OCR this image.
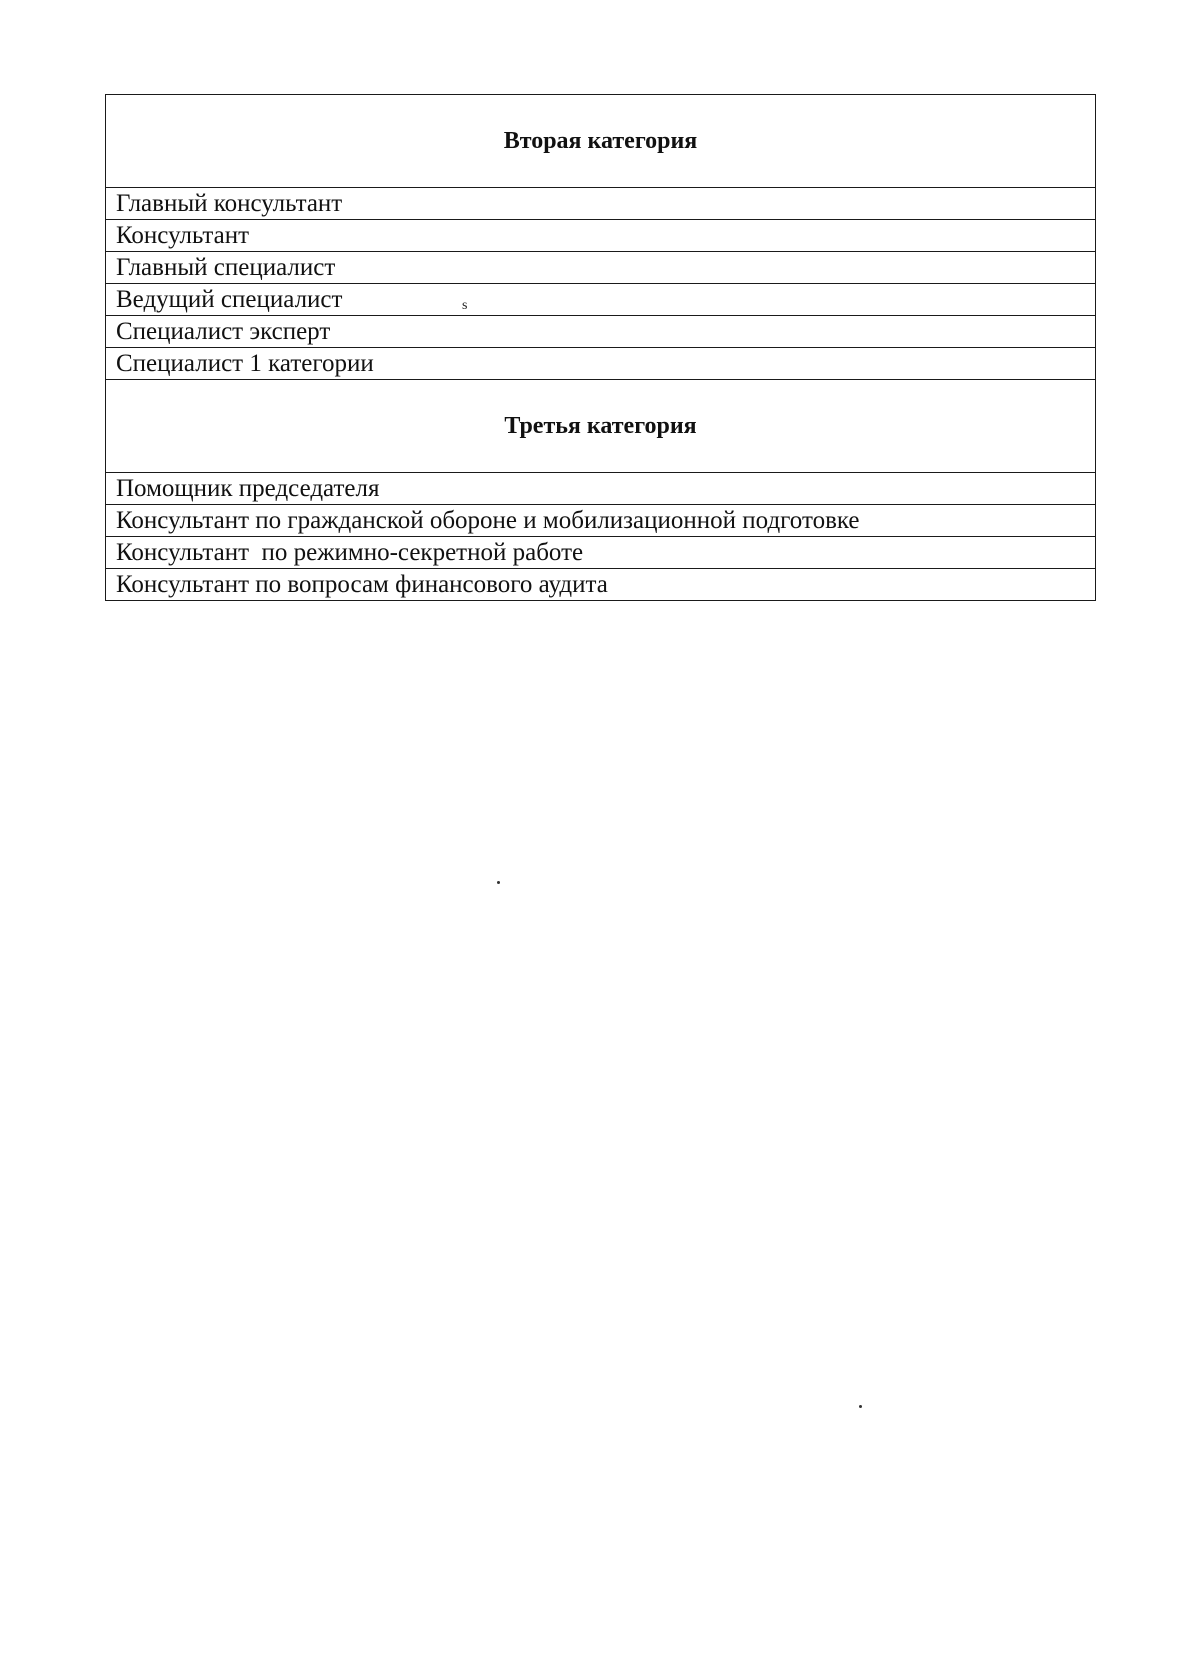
Вторая категория
Главный консультант
Консультант
Главный специалист
Ведущий специалист
Специалист эксперт
Специалист 1 категории
Третья категория
Помощник председателя
Консультант по гражданской обороне и мобилизационной подготовке
Консультант  по режимно-секретной работе
Консультант по вопросам финансового аудита
s
